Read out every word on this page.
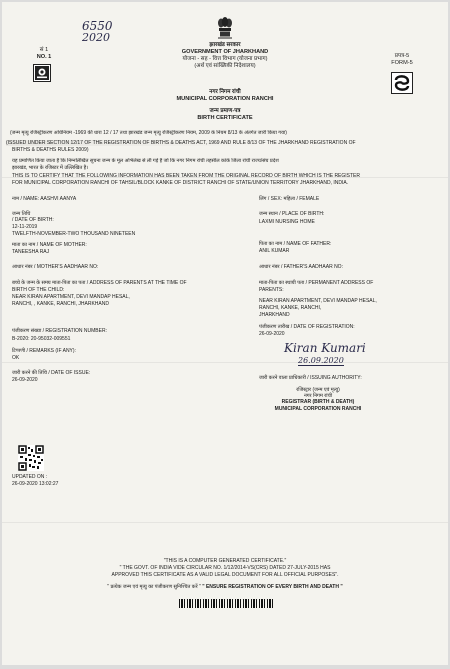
6550
2020
सं 1
NO. 1
झारखंड सरकार
GOVERNMENT OF JHARKHAND
योजना - सह - वित्त विभाग (योजना प्रभाग)
(अर्थ एवं सांख्यिकी निदेशालय)
नगर निगम रांची
MUNICIPAL CORPORATION RANCHI
जन्म प्रमाण-पत्र
BIRTH CERTIFICATE
प्रपत्र-5
FORM-5
(जन्म मृत्यु रजिस्ट्रीकरण अधिनियम -1969 की धारा 12 / 17 तथा झारखंड जन्म मृत्यु रजिस्ट्रीकरण नियम, 2009 के नियम 8/13 के अंतर्गत जारी किया गया)
(ISSUED UNDER SECTION 12/17 OF THE REGISTRATION OF BIRTHS & DEATHS ACT, 1969 AND RULE 8/13 OF THE JHARKHAND REGISTRATION OF
BIRTHS & DEATHS RULES 2009)
यह प्रमाणित किया जाता है कि निम्नलिखित सूचना जन्म के मूल अभिलेख से ली गई है जो कि नगर निगम रांची तहसील कांके जिला रांची राज्य/संघ प्रदेश
झारखंड, भारत के रजिस्टर में उल्लिखित है।
THIS IS TO CERTIFY THAT THE FOLLOWING INFORMATION HAS BEEN TAKEN FROM THE ORIGINAL RECORD OF BIRTH WHICH IS THE REGISTER
FOR MUNICIPAL CORPORATION RANCHI OF TAHSIL/BLOCK KANKE OF DISTRICT RANCHI OF STATE/UNION TERRITORY JHARKHAND, INDIA.
नाम / NAME: AASHVI AANYA	लिंग / SEX: महिला / FEMALE
जन्म तिथि
/ DATE OF BIRTH:
12-11-2019
TWELFTH-NOVEMBER-TWO THOUSAND NINETEEN
जन्म स्थान / PLACE OF BIRTH:
LAXMI NURSING HOME
माता का नाम / NAME OF MOTHER:
TANEESHA RAJ
पिता का नाम / NAME OF FATHER:
ANIL KUMAR
आधार नंबर / MOTHER'S AADHAAR NO:	आधार नंबर / FATHER'S AADHAAR NO:
बच्चे के जन्म के समय माता-पिता का पता / ADDRESS OF PARENTS AT THE TIME OF
BIRTH OF THE CHILD:
NEAR KIRAN APARTMENT, DEVI MANDAP HESAL,
RANCHI, , KANKE, RANCHI, JHARKHAND
माता-पिता का स्थायी पता / PERMANENT ADDRESS OF
PARENTS:
NEAR KIRAN APARTMENT, DEVI MANDAP HESAL,
RANCHI, KANKE, RANCHI,
JHARKHAND
पंजीकरण संख्या / REGISTRATION NUMBER:
B-2020: 20-95032-009551
पंजीकरण तारीख / DATE OF REGISTRATION:
26-09-2020
टिप्पणी / REMARKS (IF ANY):
OK
जारी करने की तिथि / DATE OF ISSUE:
26-09-2020
Kiran Kumari
26.09.2020
जारी करने वाला प्राधिकारी / ISSUING AUTHORITY:
रजिस्ट्रार (जन्म एवं मृत्यु)
नगर निगम रांची
REGISTRAR (BIRTH & DEATH)
MUNICIPAL CORPORATION RANCHI
UPDATED ON :
26-09-2020 13:02:27
"THIS IS A COMPUTER GENERATED CERTIFICATE."
" THE GOVT. OF INDIA VIDE CIRCULAR NO. 1/12/2014-VS(CRS) DATED 27-JULY-2015 HAS
APPROVED THIS CERTIFICATE AS A VALID LEGAL DOCUMENT FOR ALL OFFICIAL PURPOSES".
" प्रत्येक जन्म एवं मृत्यु का पंजीकरण सुनिश्चित करें " " ENSURE REGISTRATION OF EVERY BIRTH AND DEATH "
